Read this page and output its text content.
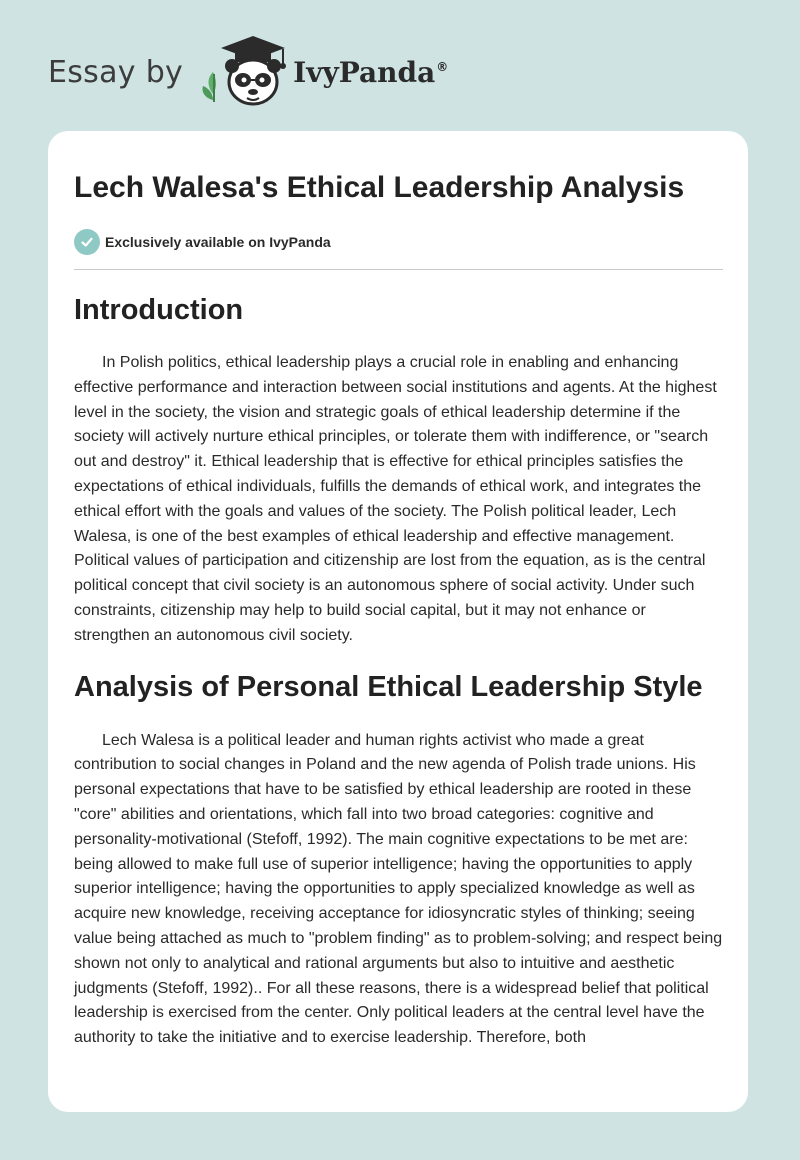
Essay by	IvyPanda®
Lech Walesa's Ethical Leadership Analysis
Exclusively available on IvyPanda
Introduction

In Polish politics, ethical leadership plays a crucial role in enabling and enhancing effective performance and interaction between social institutions and agents. At the highest level in the society, the vision and strategic goals of ethical leadership determine if the society will actively nurture ethical principles, or tolerate them with indifference, or "search out and destroy" it. Ethical leadership that is effective for ethical principles satisfies the expectations of ethical individuals, fulfills the demands of ethical work, and integrates the ethical effort with the goals and values of the society. The Polish political leader, Lech Walesa, is one of the best examples of ethical leadership and effective management. Political values of participation and citizenship are lost from the equation, as is the central political concept that civil society is an autonomous sphere of social activity. Under such constraints, citizenship may help to build social capital, but it may not enhance or strengthen an autonomous civil society.

Analysis of Personal Ethical Leadership Style

Lech Walesa is a political leader and human rights activist who made a great contribution to social changes in Poland and the new agenda of Polish trade unions. His personal expectations that have to be satisfied by ethical leadership are rooted in these "core" abilities and orientations, which fall into two broad categories: cognitive and personality-motivational (Stefoff, 1992). The main cognitive expectations to be met are: being allowed to make full use of superior intelligence; having the opportunities to apply superior intelligence; having the opportunities to apply specialized knowledge as well as acquire new knowledge, receiving acceptance for idiosyncratic styles of thinking; seeing value being attached as much to "problem finding" as to problem-solving; and respect being shown not only to analytical and rational arguments but also to intuitive and aesthetic judgments (Stefoff, 1992).. For all these reasons, there is a widespread belief that political leadership is exercised from the center. Only political leaders at the central level have the authority to take the initiative and to exercise leadership. Therefore, both
